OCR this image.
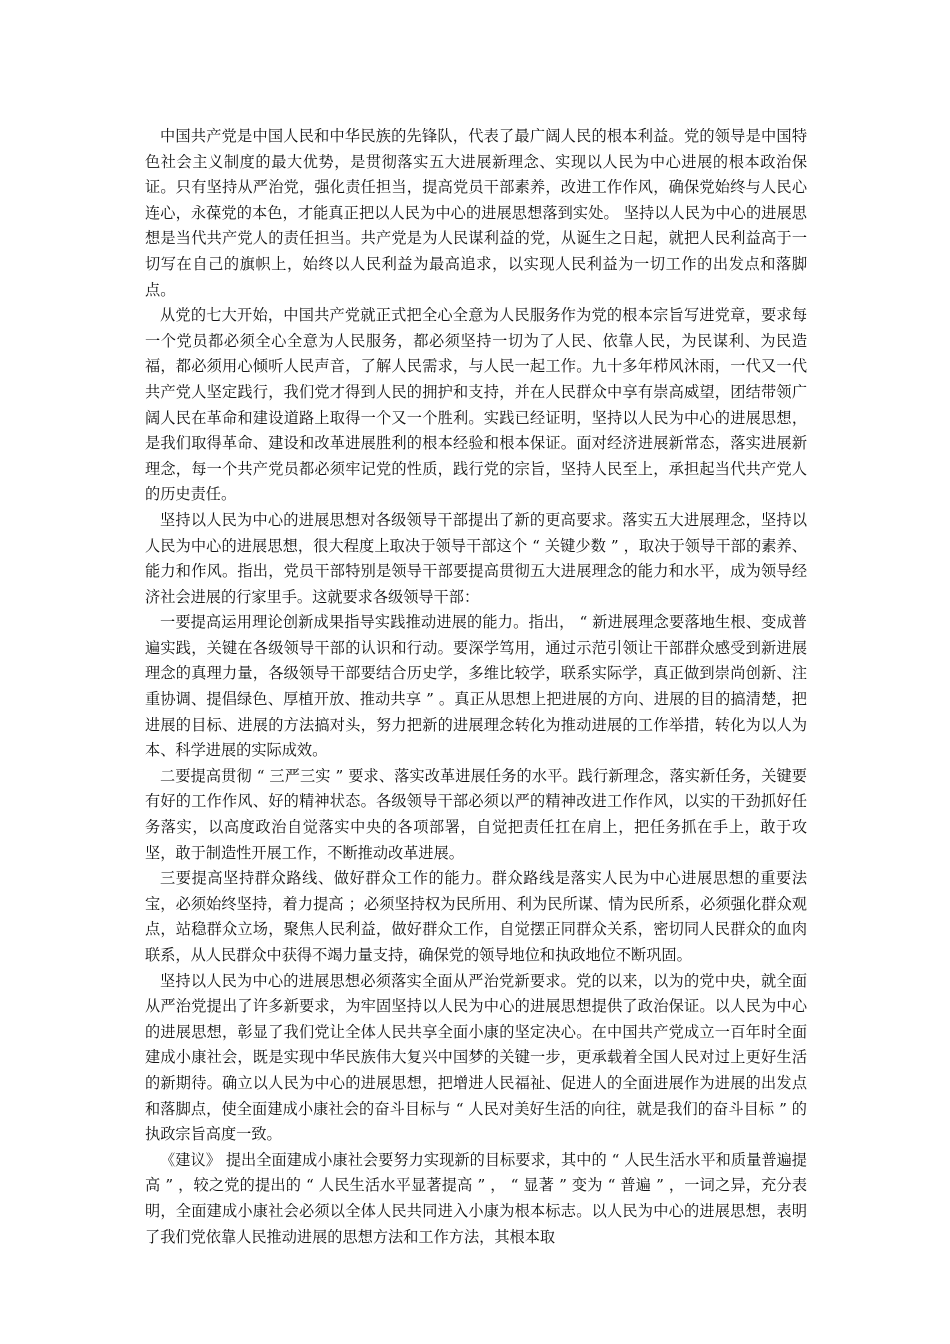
中国共产党是中国人民和中华民族的先锋队，代表了最广阔人民的根本利益。党的领导是中国特色社会主义制度的最大优势，是贯彻落实五大进展新理念、实现以人民为中心进展的根本政治保证。只有坚持从严治党，强化责任担当，提高党员干部素养，改进工作作风，确保党始终与人民心连心，永葆党的本色，才能真正把以人民为中心的进展思想落到实处。 坚持以人民为中心的进展思想是当代共产党人的责任担当。共产党是为人民谋利益的党，从诞生之日起，就把人民利益高于一切写在自己的旗帜上，始终以人民利益为最高追求，以实现人民利益为一切工作的出发点和落脚点。

从党的七大开始，中国共产党就正式把全心全意为人民服务作为党的根本宗旨写进党章，要求每一个党员都必须全心全意为人民服务，都必须坚持一切为了人民、依靠人民，为民谋利、为民造福，都必须用心倾听人民声音，了解人民需求，与人民一起工作。九十多年栉风沐雨，一代又一代共产党人坚定践行，我们党才得到人民的拥护和支持，并在人民群众中享有崇高威望，团结带领广阔人民在革命和建设道路上取得一个又一个胜利。实践已经证明，坚持以人民为中心的进展思想，是我们取得革命、建设和改革进展胜利的根本经验和根本保证。面对经济进展新常态，落实进展新理念，每一个共产党员都必须牢记党的性质，践行党的宗旨，坚持人民至上，承担起当代共产党人的历史责任。

坚持以人民为中心的进展思想对各级领导干部提出了新的更高要求。落实五大进展理念，坚持以人民为中心的进展思想，很大程度上取决于领导干部这个 “ 关键少数 ” ，取决于领导干部的素养、能力和作风。指出，党员干部特别是领导干部要提高贯彻五大进展理念的能力和水平，成为领导经济社会进展的行家里手。这就要求各级领导干部：

一要提高运用理论创新成果指导实践推动进展的能力。指出， “ 新进展理念要落地生根、变成普遍实践，关键在各级领导干部的认识和行动。要深学笃用，通过示范引领让干部群众感受到新进展理念的真理力量，各级领导干部要结合历史学，多维比较学，联系实际学，真正做到崇尚创新、注重协调、提倡绿色、厚植开放、推动共享 ” 。真正从思想上把进展的方向、进展的目的搞清楚，把进展的目标、进展的方法搞对头，努力把新的进展理念转化为推动进展的工作举措，转化为以人为本、科学进展的实际成效。

二要提高贯彻 “ 三严三实 ” 要求、落实改革进展任务的水平。践行新理念，落实新任务，关键要有好的工作作风、好的精神状态。各级领导干部必须以严的精神改进工作作风，以实的干劲抓好任务落实，以高度政治自觉落实中央的各项部署，自觉把责任扛在肩上，把任务抓在手上，敢于攻坚，敢于制造性开展工作，不断推动改革进展。

三要提高坚持群众路线、做好群众工作的能力。群众路线是落实人民为中心进展思想的重要法宝，必须始终坚持，着力提高 ；必须坚持权为民所用、利为民所谋、情为民所系，必须强化群众观点，站稳群众立场，聚焦人民利益，做好群众工作，自觉摆正同群众关系，密切同人民群众的血肉联系，从人民群众中获得不竭力量支持，确保党的领导地位和执政地位不断巩固。

坚持以人民为中心的进展思想必须落实全面从严治党新要求。党的以来，以为的党中央，就全面从严治党提出了许多新要求，为牢固坚持以人民为中心的进展思想提供了政治保证。以人民为中心的进展思想，彰显了我们党让全体人民共享全面小康的坚定决心。在中国共产党成立一百年时全面建成小康社会，既是实现中华民族伟大复兴中国梦的关键一步，更承载着全国人民对过上更好生活的新期待。确立以人民为中心的进展思想，把增进人民福祉、促进人的全面进展作为进展的出发点和落脚点，使全面建成小康社会的奋斗目标与 “ 人民对美好生活的向往，就是我们的奋斗目标 ” 的执政宗旨高度一致。

《建议》 提出全面建成小康社会要努力实现新的目标要求，其中的 “ 人民生活水平和质量普遍提高 ” ，较之党的提出的 “ 人民生活水平显著提高 ” ， “ 显著 ” 变为 “ 普遍 ” ，一词之异，充分表明，全面建成小康社会必须以全体人民共同进入小康为根本标志。以人民为中心的进展思想，表明了我们党依靠人民推动进展的思想方法和工作方法，其根本取
